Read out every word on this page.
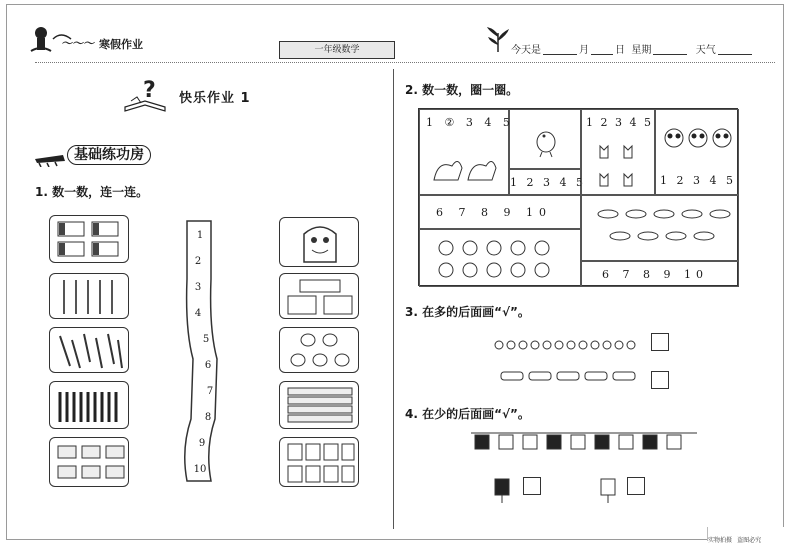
～～～ 寒假作业	一年级数学	今天是	月	日 星期	天气
? 快乐作业 1
基础练功房
1. 数一数，连一连。
1
2
3
4
5
6
7
8
9
10
2. 数一数，圈一圈。
1 ② 3 4 5
1 2 3 4 5
1 2 3 4 5
1 2 3 4 5
6 7 8 9 10
6 7 8 9 10
3. 在多的后面画“√”。
4. 在少的后面画“√”。
实物拍摄 盗图必究
